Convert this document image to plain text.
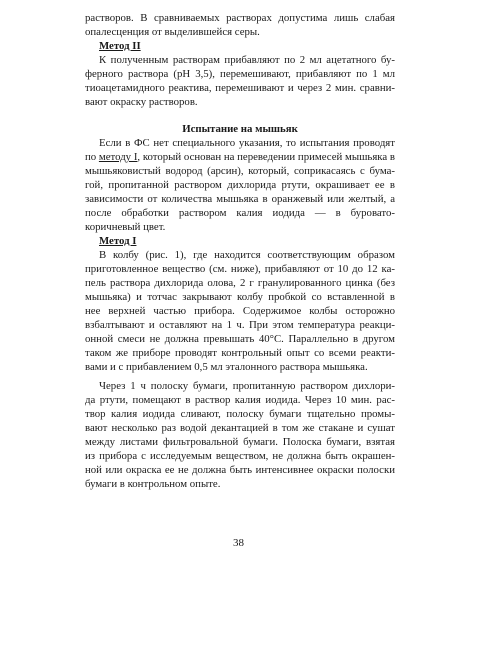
растворов. В сравниваемых растворах допустима лишь слабая
опалесценция от выделившейся серы.
Метод II
К полученным растворам прибавляют по 2 мл ацетатного бу-
ферного раствора (рН 3,5), перемешивают, прибавляют по 1 мл
тиоацетамидного реактива, перемешивают и через 2 мин. сравни-
вают окраску растворов.
Испытание на мышьяк
Если в ФС нет специального указания, то испытания проводят
по методу I, который основан на переведении примесей мышьяка в
мышьяковистый водород (арсин), который, соприкасаясь с бума-
гой, пропитанной раствором дихлорида ртути, окрашивает ее в
зависимости от количества мышьяка в оранжевый или желтый, а
после обработки раствором калия иодида — в буровато-
коричневый цвет.
Метод I
В колбу (рис. 1), где находится соответствующим образом
приготовленное вещество (см. ниже), прибавляют от 10 до 12 ка-
пель раствора дихлорида олова, 2 г гранулированного цинка (без
мышьяка) и тотчас закрывают колбу пробкой со вставленной в
нее верхней частью прибора. Содержимое колбы осторожно
взбалтывают и оставляют на 1 ч. При этом температура реакци-
онной смеси не должна превышать 40°С. Параллельно в другом
таком же приборе проводят контрольный опыт со всеми реакти-
вами и с прибавлением 0,5 мл эталонного раствора мышьяка.
Через 1 ч полоску бумаги, пропитанную раствором дихлори-
да ртути, помещают в раствор калия иодида. Через 10 мин. рас-
твор калия иодида сливают, полоску бумаги тщательно промы-
вают несколько раз водой декантацией в том же стакане и сушат
между листами фильтровальной бумаги. Полоска бумаги, взятая
из прибора с исследуемым веществом, не должна быть окрашен-
ной или окраска ее не должна быть интенсивнее окраски полоски
бумаги в контрольном опыте.
38
